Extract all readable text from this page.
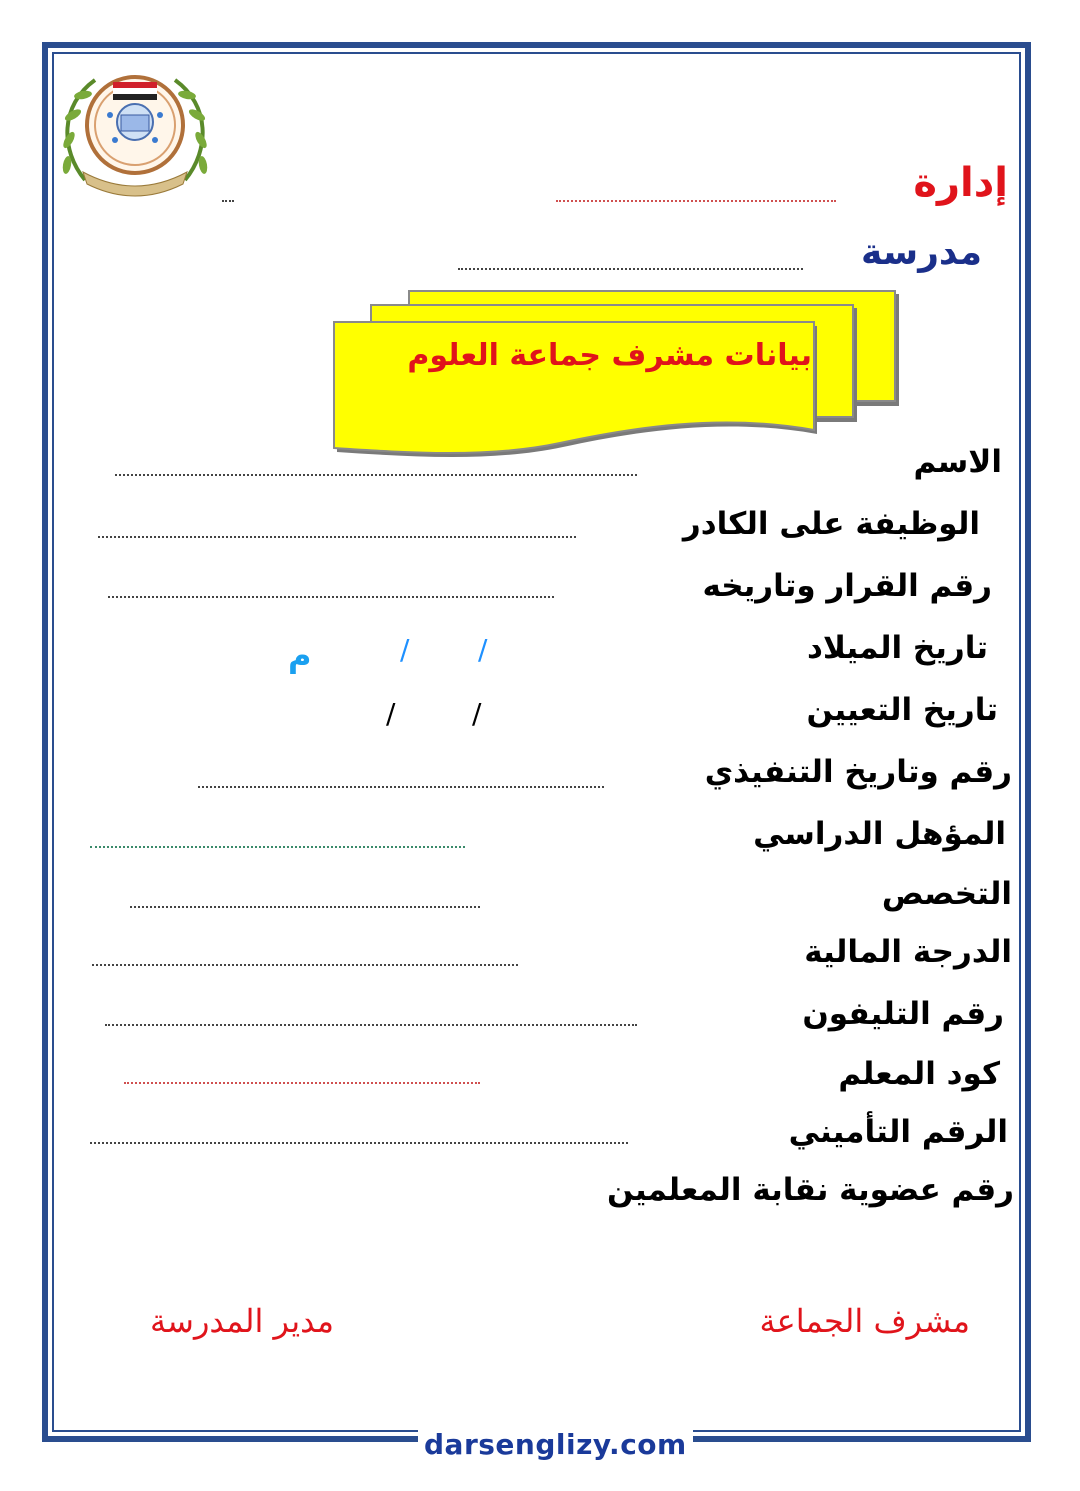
إدارة
مدرسة
بيانات مشرف جماعة العلوم
الاسم
الوظيفة على الكادر
رقم القرار وتاريخه
تاريخ الميلاد
/
/
م
تاريخ التعيين
/
/
رقم وتاريخ التنفيذي
المؤهل الدراسي
التخصص
الدرجة المالية
رقم التليفون
كود المعلم
الرقم التأميني
رقم عضوية نقابة المعلمين
مشرف الجماعة
مدير المدرسة
darsenglizy.com
